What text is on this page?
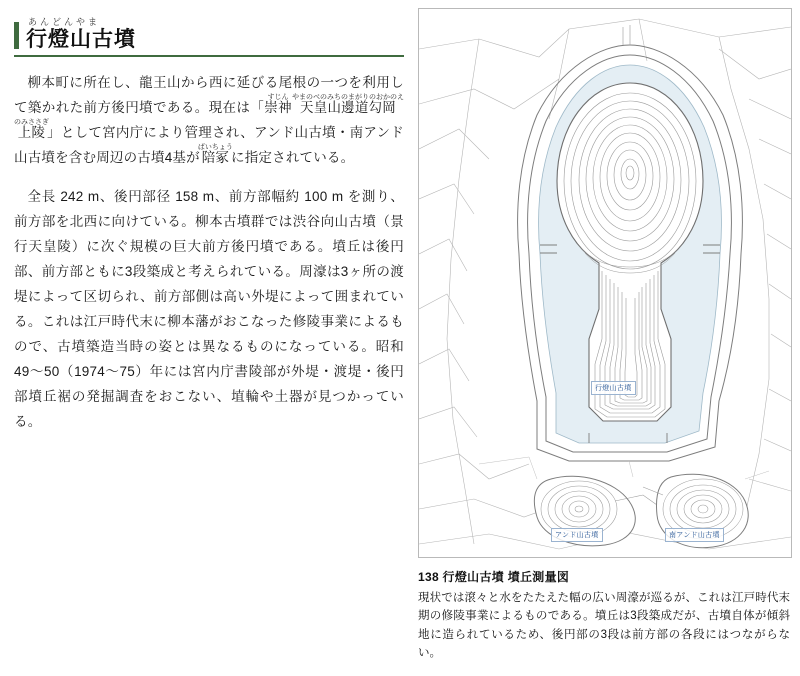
あんどんやま
行燈山古墳

柳本町に所在し、龍王山から西に延びる尾根の一つを利用して築かれた前方後円墳である。現在は「崇神すじん天皇山邊道勾岡上陵やまのべのみちのまがりのおかのえのみささぎ」として宮内庁により管理され、アンド山古墳・南アンド山古墳を含む周辺の古墳4基が陪冢ばいちょうに指定されている。

全長 242 m、後円部径 158 m、前方部幅約 100 m を測り、前方部を北西に向けている。柳本古墳群では渋谷向山古墳（景行天皇陵）に次ぐ規模の巨大前方後円墳である。墳丘は後円部、前方部ともに3段築成と考えられている。周濠は3ヶ所の渡堤によって区切られ、前方部側は高い外堤によって囲まれている。これは江戸時代末に柳本藩がおこなった修陵事業によるもので、古墳築造当時の姿とは異なるものになっている。昭和49〜50（1974〜75）年には宮内庁書陵部が外堤・渡堤・後円部墳丘裾の発掘調査をおこない、埴輪や土器が見つかっている。

行燈山古墳
アンド山古墳	南アンド山古墳
138 行燈山古墳 墳丘測量図
現状では滾々と水をたたえた幅の広い周濠が巡るが、これは江戸時代末期の修陵事業によるものである。墳丘は3段築成だが、古墳自体が傾斜地に造られているため、後円部の3段は前方部の各段にはつながらない。
